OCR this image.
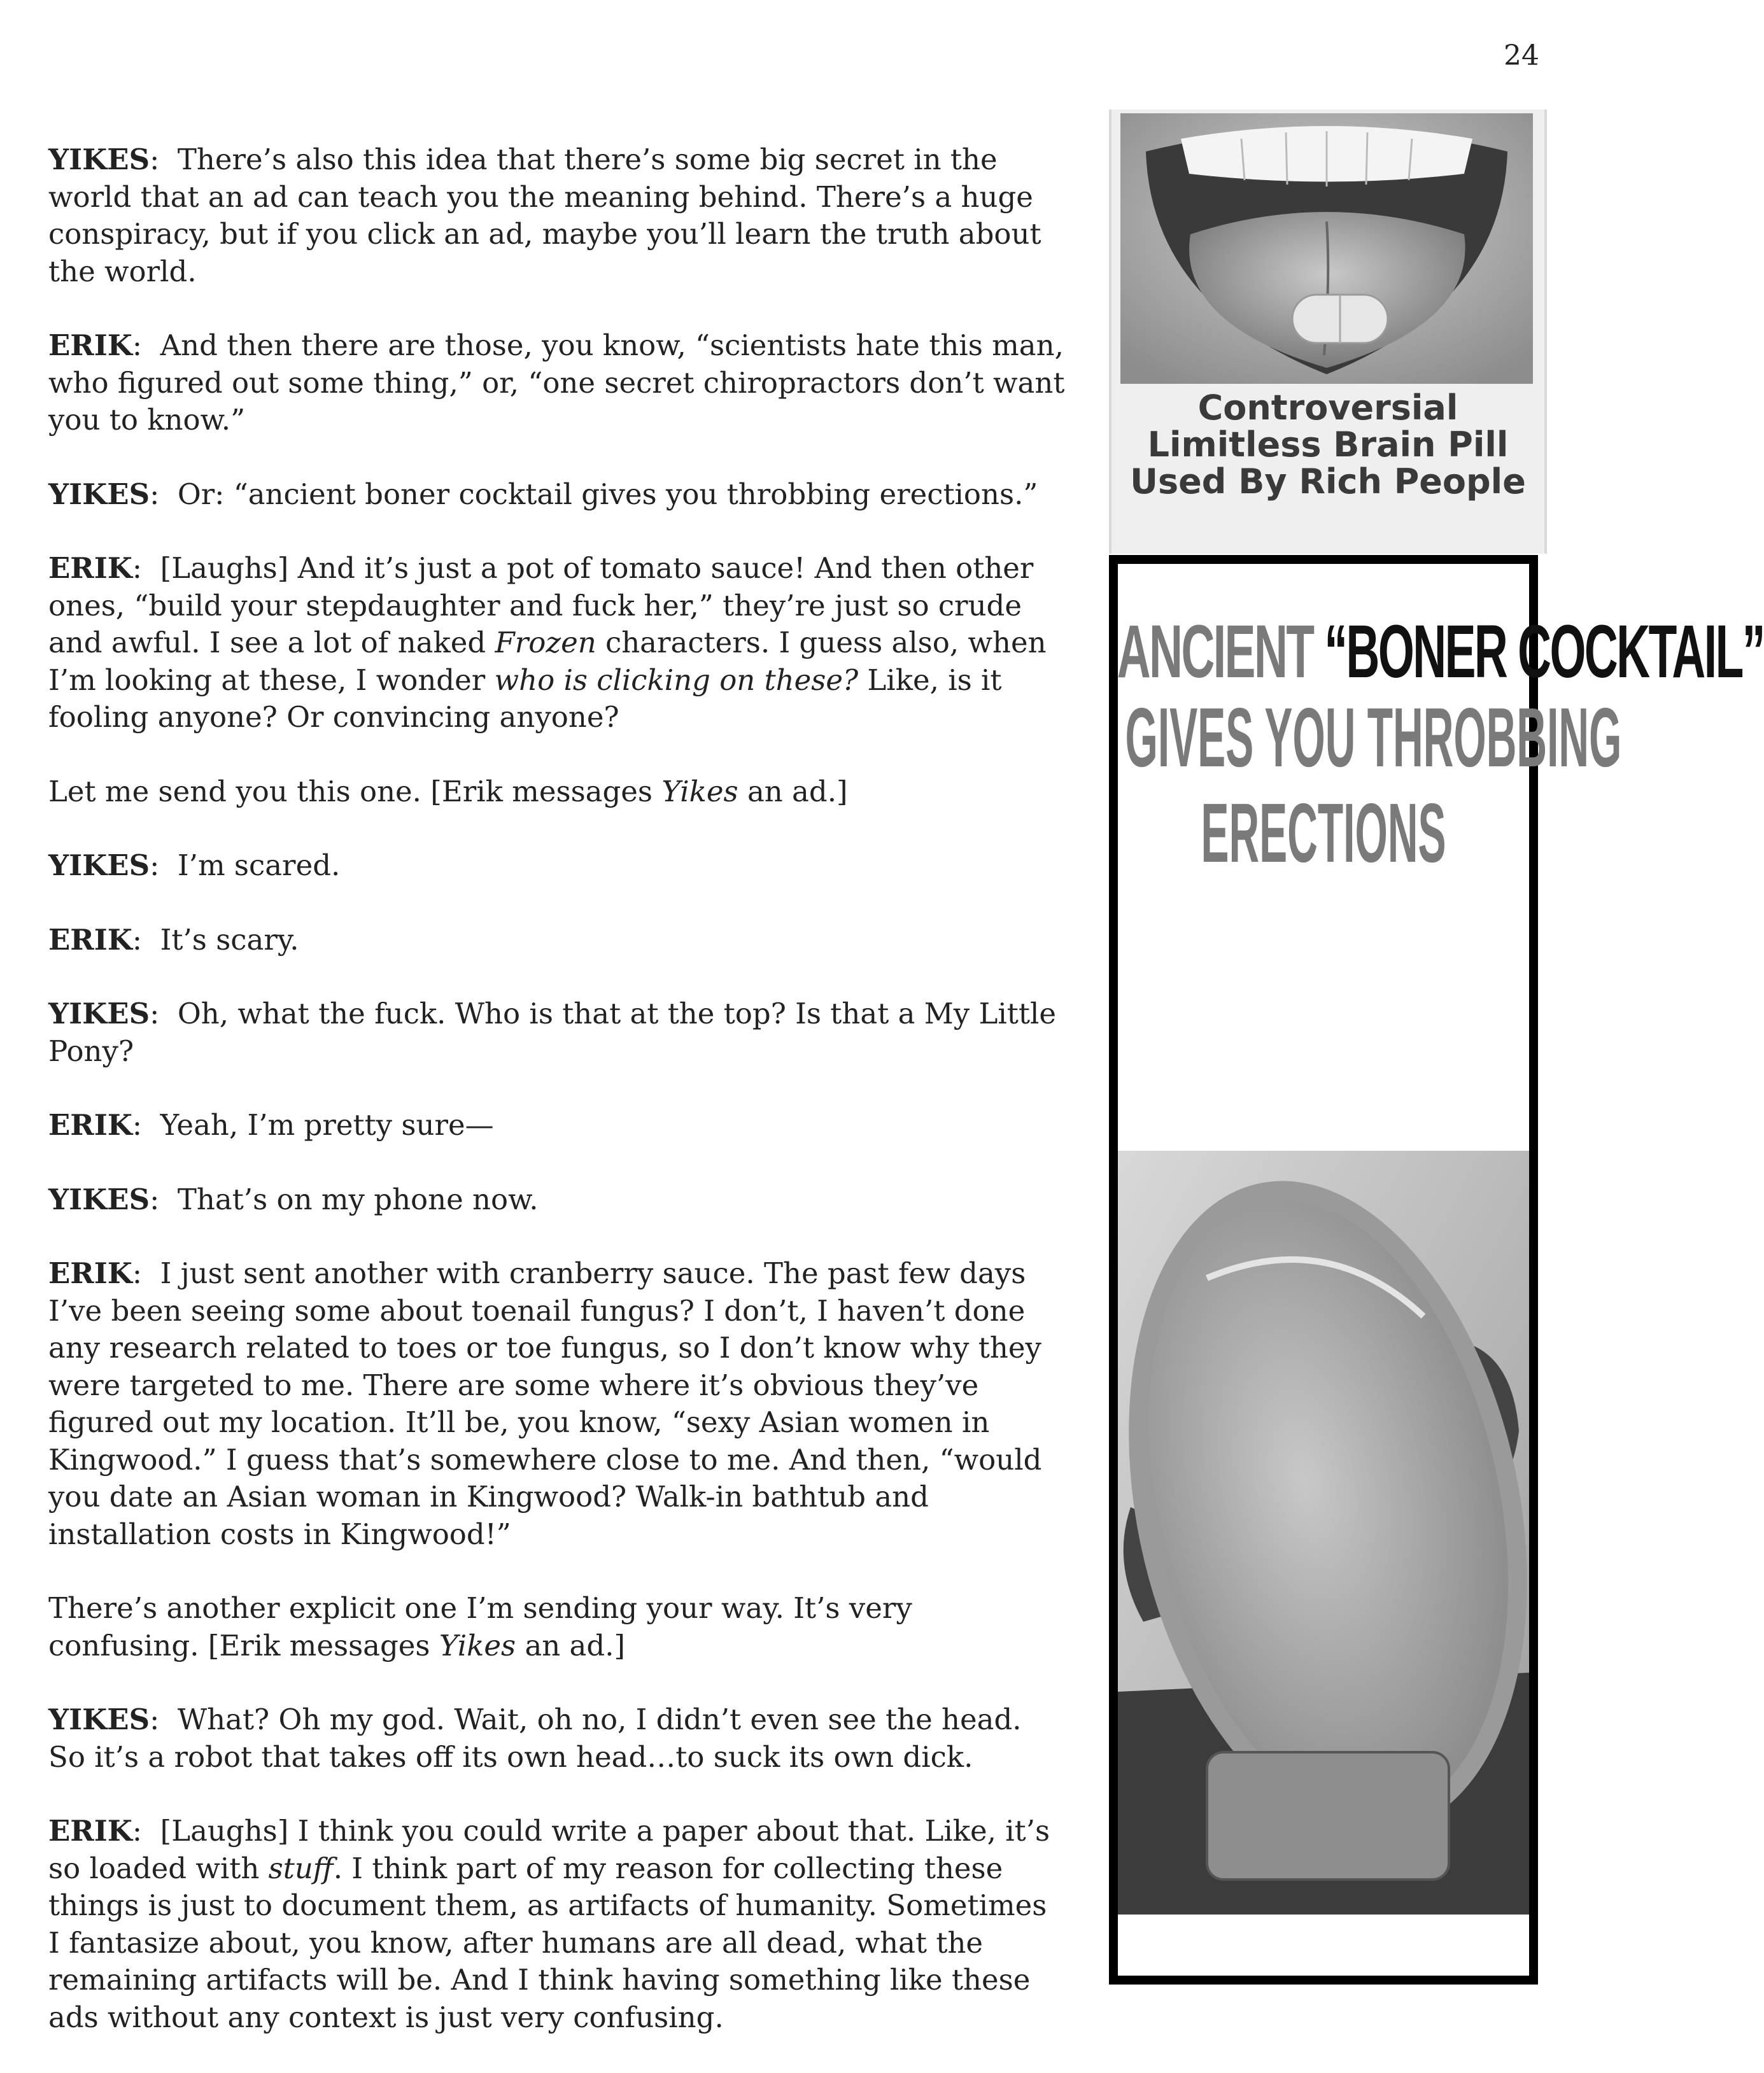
24

YIKES:  There’s also this idea that there’s some big secret in the world that an ad can teach you the meaning behind. There’s a huge conspiracy, but if you click an ad, maybe you’ll learn the truth about the world.

ERIK:  And then there are those, you know, “scientists hate this man, who figured out some thing,” or, “one secret chiropractors don’t want you to know.”

YIKES:  Or: “ancient boner cocktail gives you throbbing erections.”

ERIK:  [Laughs] And it’s just a pot of tomato sauce! And then other ones, “build your stepdaughter and fuck her,” they’re just so crude and awful. I see a lot of naked Frozen characters. I guess also, when I’m looking at these, I wonder who is clicking on these? Like, is it fooling anyone? Or convincing anyone?

Let me send you this one. [Erik messages Yikes an ad.]

YIKES:  I’m scared.

ERIK:  It’s scary.

YIKES:  Oh, what the fuck. Who is that at the top? Is that a My Little Pony?

ERIK:  Yeah, I’m pretty sure—

YIKES:  That’s on my phone now.

ERIK:  I just sent another with cranberry sauce. The past few days I’ve been seeing some about toenail fungus? I don’t, I haven’t done any research related to toes or toe fungus, so I don’t know why they were targeted to me. There are some where it’s obvious they’ve figured out my location. It’ll be, you know, “sexy Asian women in Kingwood.” I guess that’s somewhere close to me. And then, “would you date an Asian woman in Kingwood? Walk-in bathtub and installation costs in Kingwood!”

There’s another explicit one I’m sending your way. It’s very confusing. [Erik messages Yikes an ad.]

YIKES:  What? Oh my god. Wait, oh no, I didn’t even see the head. So it’s a robot that takes off its own head…to suck its own dick.

ERIK:  [Laughs] I think you could write a paper about that. Like, it’s so loaded with stuff. I think part of my reason for collecting these things is just to document them, as artifacts of humanity. Sometimes I fantasize about, you know, after humans are all dead, what the remaining artifacts will be. And I think having something like these ads without any context is just very confusing.

Controversial
Limitless Brain Pill
Used By Rich People
ANCIENT “BONER COCKTAIL”
GIVES YOU THROBBING
ERECTIONS
